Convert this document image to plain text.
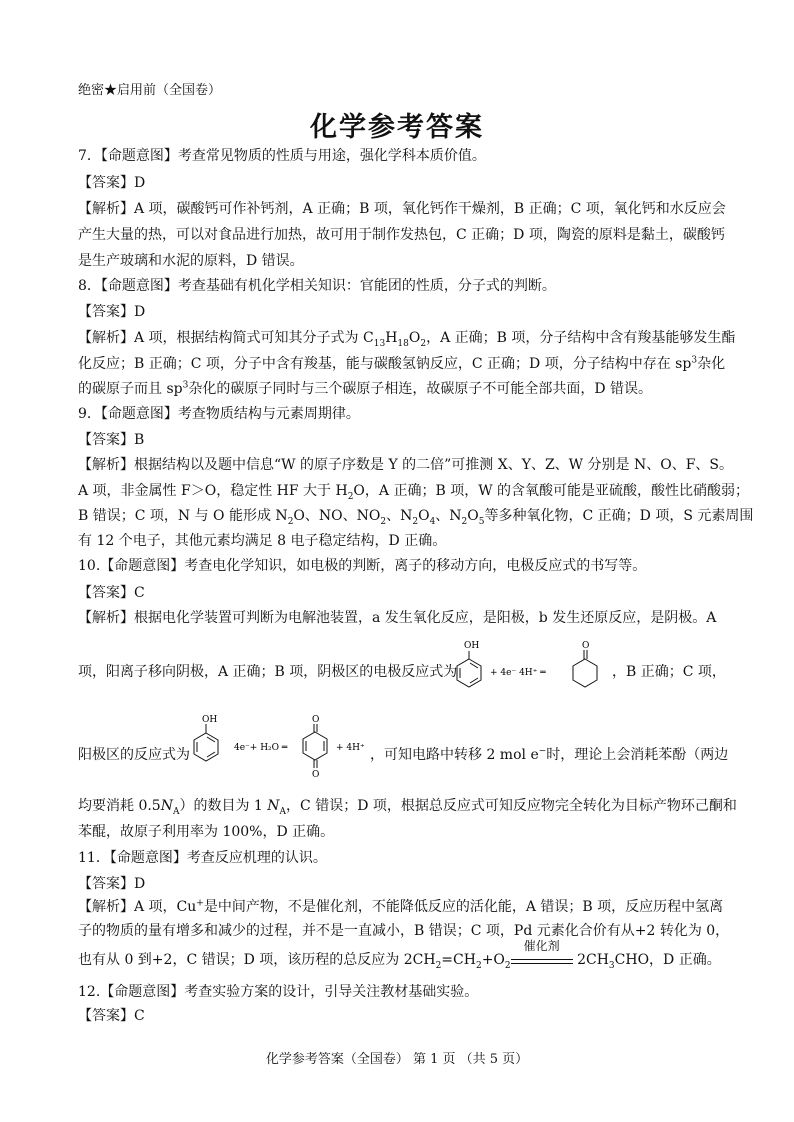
绝密★启用前（全国卷）
化学参考答案
7．【命题意图】考查常见物质的性质与用途，强化学科本质价值。
【答案】D
【解析】A 项，碳酸钙可作补钙剂，A 正确；B 项，氧化钙作干燥剂，B 正确；C 项，氧化钙和水反应会
产生大量的热，可以对食品进行加热，故可用于制作发热包，C 正确；D 项，陶瓷的原料是黏土，碳酸钙
是生产玻璃和水泥的原料，D 错误。
8．【命题意图】考查基础有机化学相关知识：官能团的性质，分子式的判断。
【答案】D
【解析】A 项，根据结构简式可知其分子式为 $C_{13}H_{18}O_2$，A 正确；B 项，分子结构中含有羧基能够发生酯
化反应；B 正确；C 项，分子中含有羧基，能与碳酸氢钠反应，C 正确；D 项，分子结构中存在 $sp^3$杂化
的碳原子而且 $sp^3$杂化的碳原子同时与三个碳原子相连，故碳原子不可能全部共面，D 错误。
9．【命题意图】考查物质结构与元素周期律。
【答案】B
【解析】根据结构以及题中信息“W 的原子序数是 Y 的二倍”可推测 X、Y、Z、W 分别是 N、O、F、S。
A 项，非金属性 F＞O，稳定性 HF 大于 $H_2O$，A 正确；B 项，W 的含氧酸可能是亚硫酸，酸性比硝酸弱；
B 错误；C 项，N 与 O 能形成 $N_2O$、NO、$NO_2$、$N_2O_4$、$N_2O_5$等多种氧化物，C 正确；D 项，S 元素周围
有 12 个电子，其他元素均满足 8 电子稳定结构，D 正确。
10.【命题意图】考查电化学知识，如电极的判断，离子的移动方向，电极反应式的书写等。
【答案】C
【解析】根据电化学装置可判断为电解池装置，a 发生氧化反应，是阳极，b 发生还原反应，是阴极。A
项，阳离子移向阴极，A 正确；B 项，阴极区的电极反应式为
OH
+ 4e⁻ 4H⁺ ═
O
，B 正确；C 项，
阳极区的反应式为
OH
4e⁻+ H₂O ═
O
O
+ 4H⁺ ，可知电路中转移 2 mol e−时，理论上会消耗苯酚（两边
均要消耗 $0.5N_A$）的数目为 1 $N_A$，C 错误；D 项，根据总反应式可知反应物完全转化为目标产物环己酮和
苯醌，故原子利用率为 100%，D 正确。
11．【命题意图】考查反应机理的认识。
【答案】D
【解析】A 项，Cu+是中间产物，不是催化剂，不能降低反应的活化能，A 错误；B 项，反应历程中氢离
子的物质的量有增多和减少的过程，并不是一直减小，B 错误；C 项，Pd 元素化合价有从+2 转化为 0，
也有从 0 到+2，C 错误；D 项，该历程的总反应为 $2CH_2=CH_2+O_2$
催化剂
$2CH_3CHO$，D 正确。
12.【命题意图】考查实验方案的设计，引导关注教材基础实验。
【答案】C
化学参考答案（全国卷） 第 1 页 （共 5 页）
